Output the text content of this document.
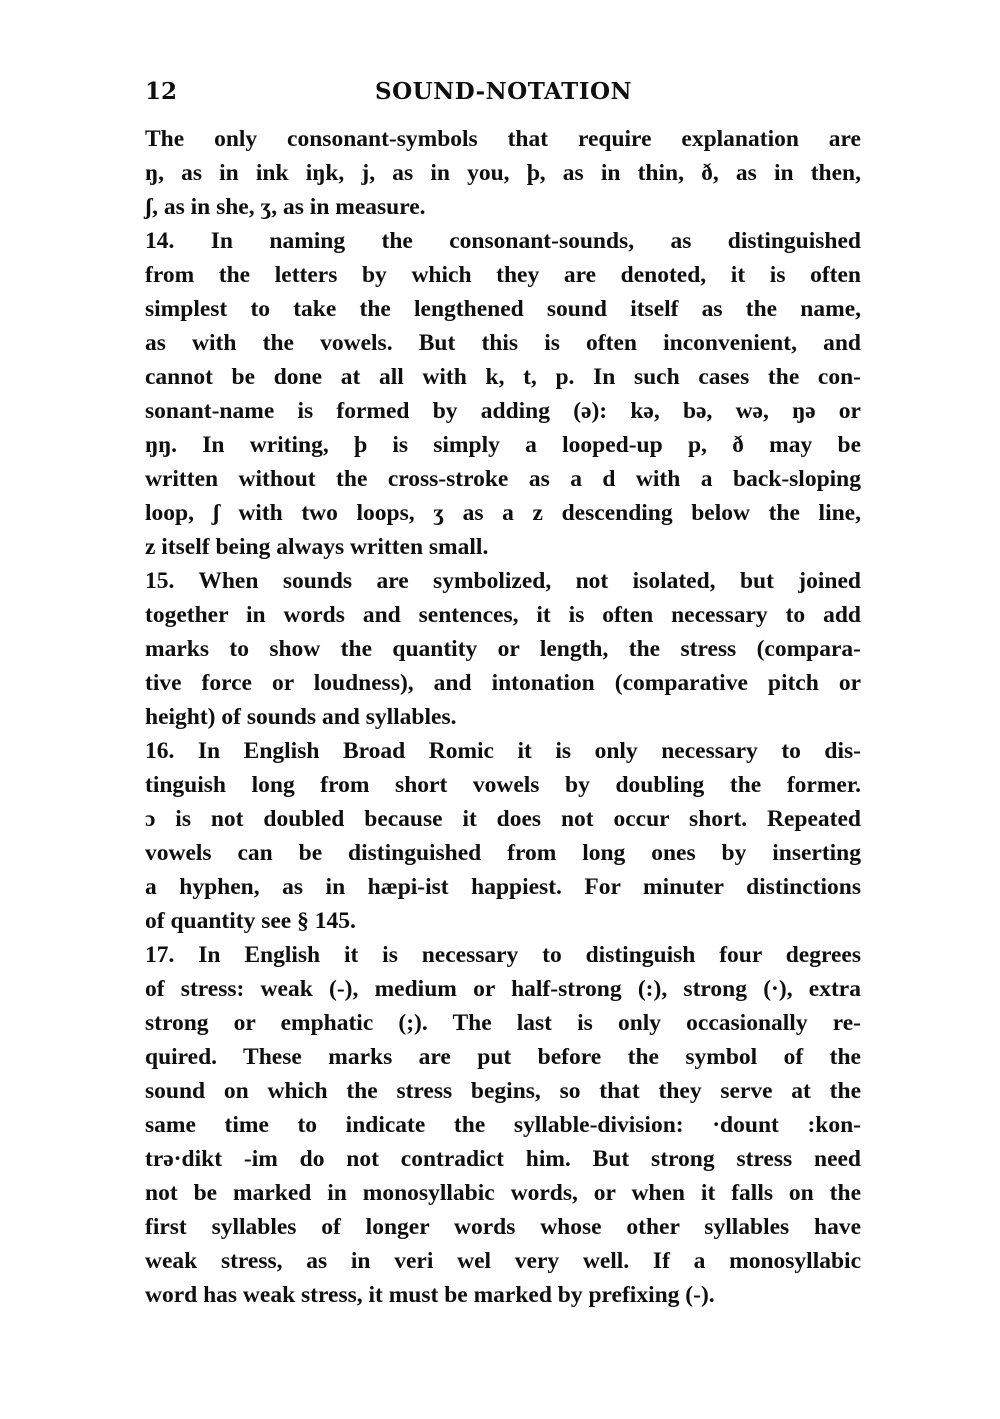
12	SOUND-NOTATION
The only consonant-symbols that require explanation are
ŋ, as in ink iŋk, j, as in you, þ, as in thin, ð, as in then,
ʃ, as in she, ʒ, as in measure.
14. In naming the consonant-sounds, as distinguished
from the letters by which they are denoted, it is often
simplest to take the lengthened sound itself as the name,
as with the vowels. But this is often inconvenient, and
cannot be done at all with k, t, p. In such cases the con-
sonant-name is formed by adding (ə): kə, bə, wə, ŋə or
ŋŋ. In writing, þ is simply a looped-up p, ð may be
written without the cross-stroke as a d with a back-sloping
loop, ʃ with two loops, ʒ as a z descending below the line,
z itself being always written small.
15. When sounds are symbolized, not isolated, but joined
together in words and sentences, it is often necessary to add
marks to show the quantity or length, the stress (compara-
tive force or loudness), and intonation (comparative pitch or
height) of sounds and syllables.
16. In English Broad Romic it is only necessary to dis-
tinguish long from short vowels by doubling the former.
ɔ is not doubled because it does not occur short. Repeated
vowels can be distinguished from long ones by inserting
a hyphen, as in hæpi-ist happiest. For minuter distinctions
of quantity see § 145.
17. In English it is necessary to distinguish four degrees
of stress: weak (-), medium or half-strong (:), strong (·), extra
strong or emphatic (;). The last is only occasionally re-
quired. These marks are put before the symbol of the
sound on which the stress begins, so that they serve at the
same time to indicate the syllable-division: ·dount :kon-
trə·dikt -im do not contradict him. But strong stress need
not be marked in monosyllabic words, or when it falls on the
first syllables of longer words whose other syllables have
weak stress, as in veri wel very well. If a monosyllabic
word has weak stress, it must be marked by prefixing (-).
